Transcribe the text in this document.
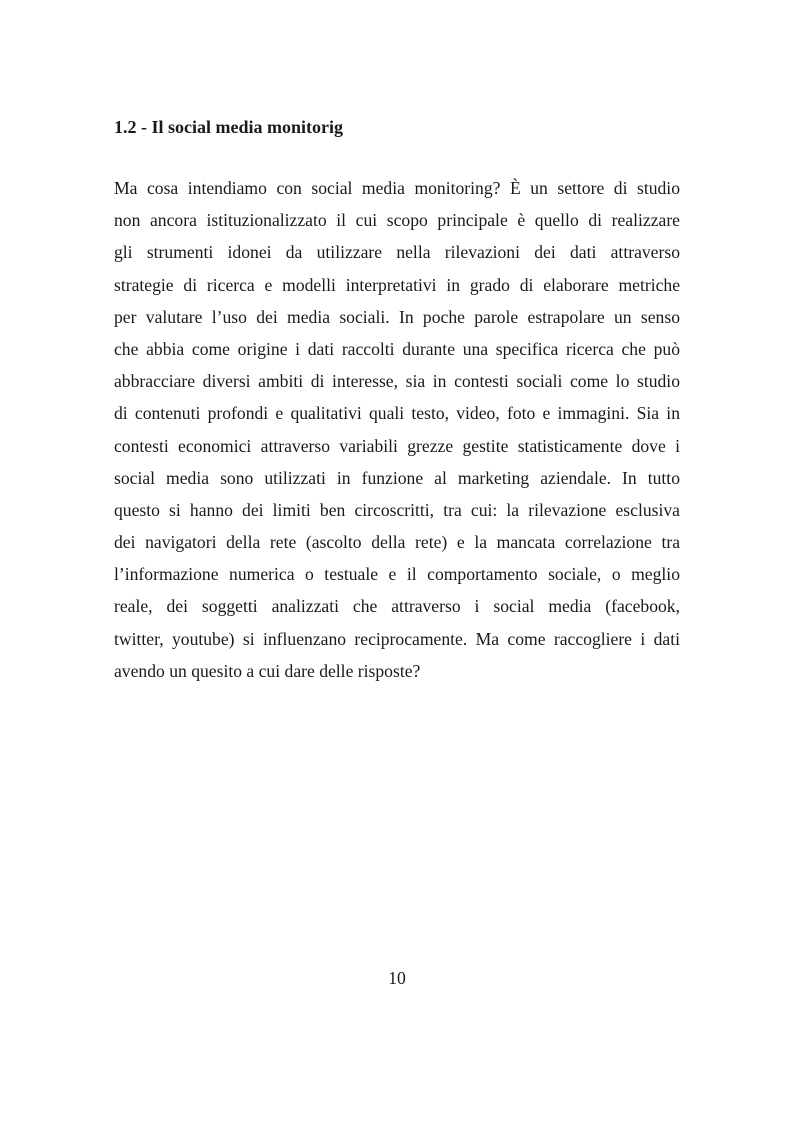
1.2 - Il social media monitorig
Ma cosa intendiamo con social media monitoring? È un settore di studio
non ancora istituzionalizzato il cui scopo principale è quello di realizzare
gli strumenti idonei da utilizzare nella rilevazioni dei dati attraverso
strategie di ricerca e modelli interpretativi in grado di elaborare metriche
per valutare l’uso dei media sociali. In poche parole estrapolare un senso
che abbia come origine i dati raccolti durante una specifica ricerca che può
abbracciare diversi ambiti di interesse, sia in contesti sociali come lo studio
di contenuti profondi e qualitativi quali testo, video, foto e immagini. Sia in
contesti economici attraverso variabili grezze gestite statisticamente dove i
social media sono utilizzati in funzione al marketing aziendale. In tutto
questo si hanno dei limiti ben circoscritti, tra cui: la rilevazione esclusiva
dei navigatori della rete (ascolto della rete) e la mancata correlazione tra
l’informazione numerica o testuale e il comportamento sociale, o meglio
reale, dei soggetti analizzati che attraverso i social media (facebook,
twitter, youtube) si influenzano reciprocamente. Ma come raccogliere i dati
avendo un quesito a cui dare delle risposte?

10
